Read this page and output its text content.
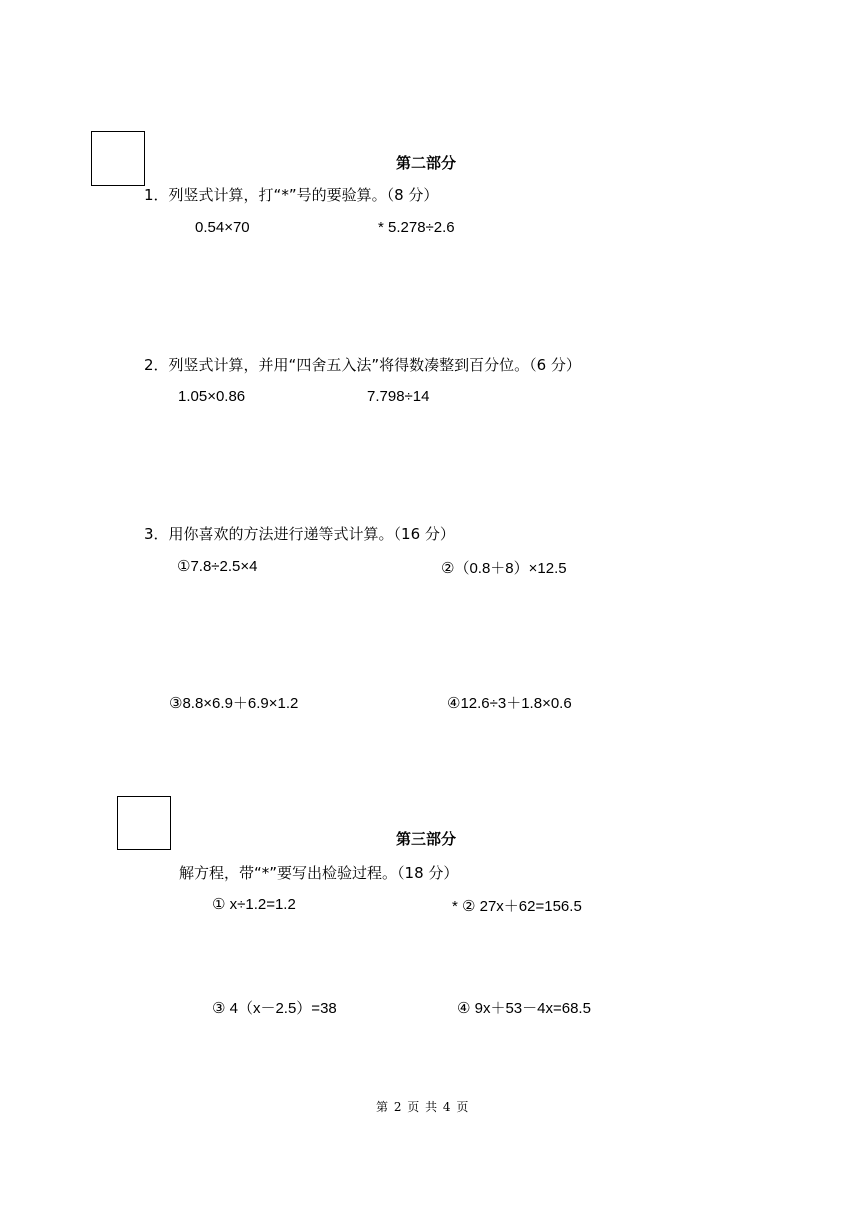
第二部分
1．列竖式计算，打“*”号的要验算。（8 分）
0.54×70	* 5.278÷2.6
2．列竖式计算，并用“四舍五入法”将得数凑整到百分位。（6 分）
1.05×0.86	7.798÷14
3．用你喜欢的方法进行递等式计算。（16 分）
①7.8÷2.5×4	②（0.8＋8）×12.5
③8.8×6.9＋6.9×1.2	④12.6÷3＋1.8×0.6
第三部分
解方程，带“*”要写出检验过程。（18 分）
① x÷1.2=1.2	* ② 27x＋62=156.5
③ 4（x－2.5）=38	④ 9x＋53－4x=68.5
第 2 页 共 4 页
